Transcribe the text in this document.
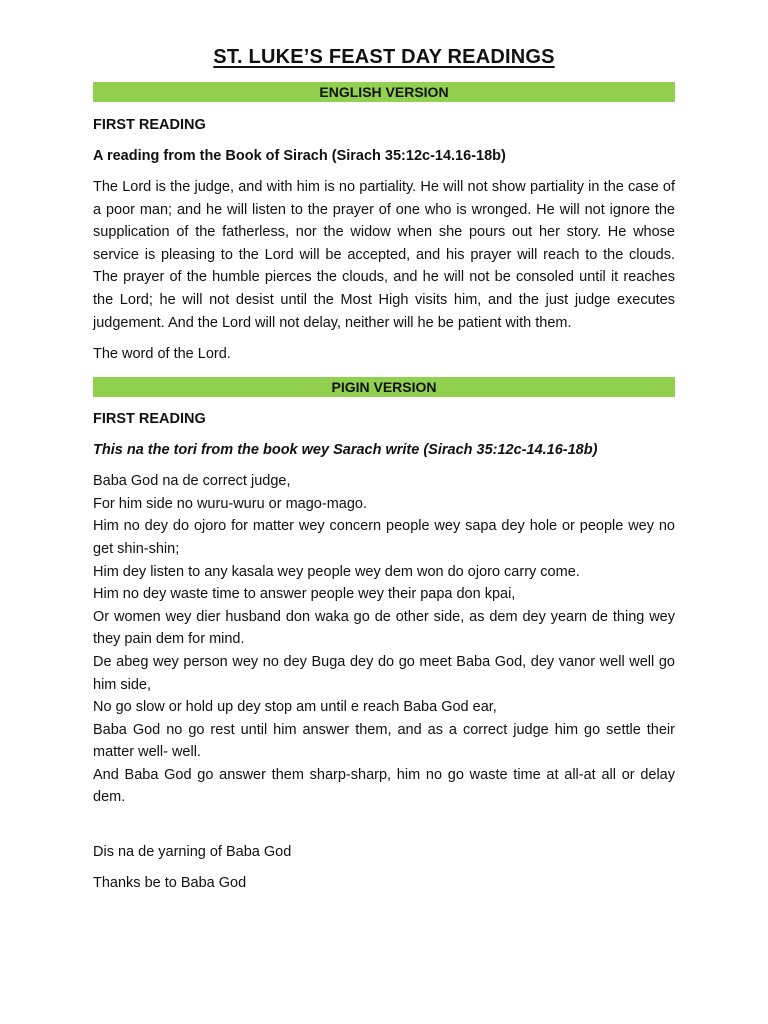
ST. LUKE’S FEAST DAY READINGS
ENGLISH VERSION
FIRST READING
A reading from the Book of Sirach (Sirach 35:12c-14.16-18b)
The Lord is the judge, and with him is no partiality. He will not show partiality in the case of a poor man; and he will listen to the prayer of one who is wronged. He will not ignore the supplication of the fatherless, nor the widow when she pours out her story. He whose service is pleasing to the Lord will be accepted, and his prayer will reach to the clouds. The prayer of the humble pierces the clouds, and he will not be consoled until it reaches the Lord; he will not desist until the Most High visits him, and the just judge executes judgement. And the Lord will not delay, neither will he be patient with them.
The word of the Lord.
PIGIN VERSION
FIRST READING
This na the tori from the book wey Sarach write (Sirach 35:12c-14.16-18b)
Baba God na de correct judge,
For him side no wuru-wuru or mago-mago.
Him no dey do ojoro for matter wey concern people wey sapa dey hole or people wey no get shin-shin;
Him dey listen to any kasala wey people wey dem won do ojoro carry come.
Him no dey waste time to answer people wey their papa don kpai,
Or women wey dier husband don waka go de other side, as dem dey yearn de thing wey they pain dem for mind.
De abeg wey person wey no dey Buga dey do go meet Baba God, dey vanor well well go him side,
No go slow or hold up dey stop am until e reach Baba God ear,
Baba God no go rest until him answer them, and as a correct judge him go settle their matter well- well.
And Baba God go answer them sharp-sharp, him no go waste time at all-at all or delay dem.
Dis na de yarning of Baba God
Thanks be to Baba God
